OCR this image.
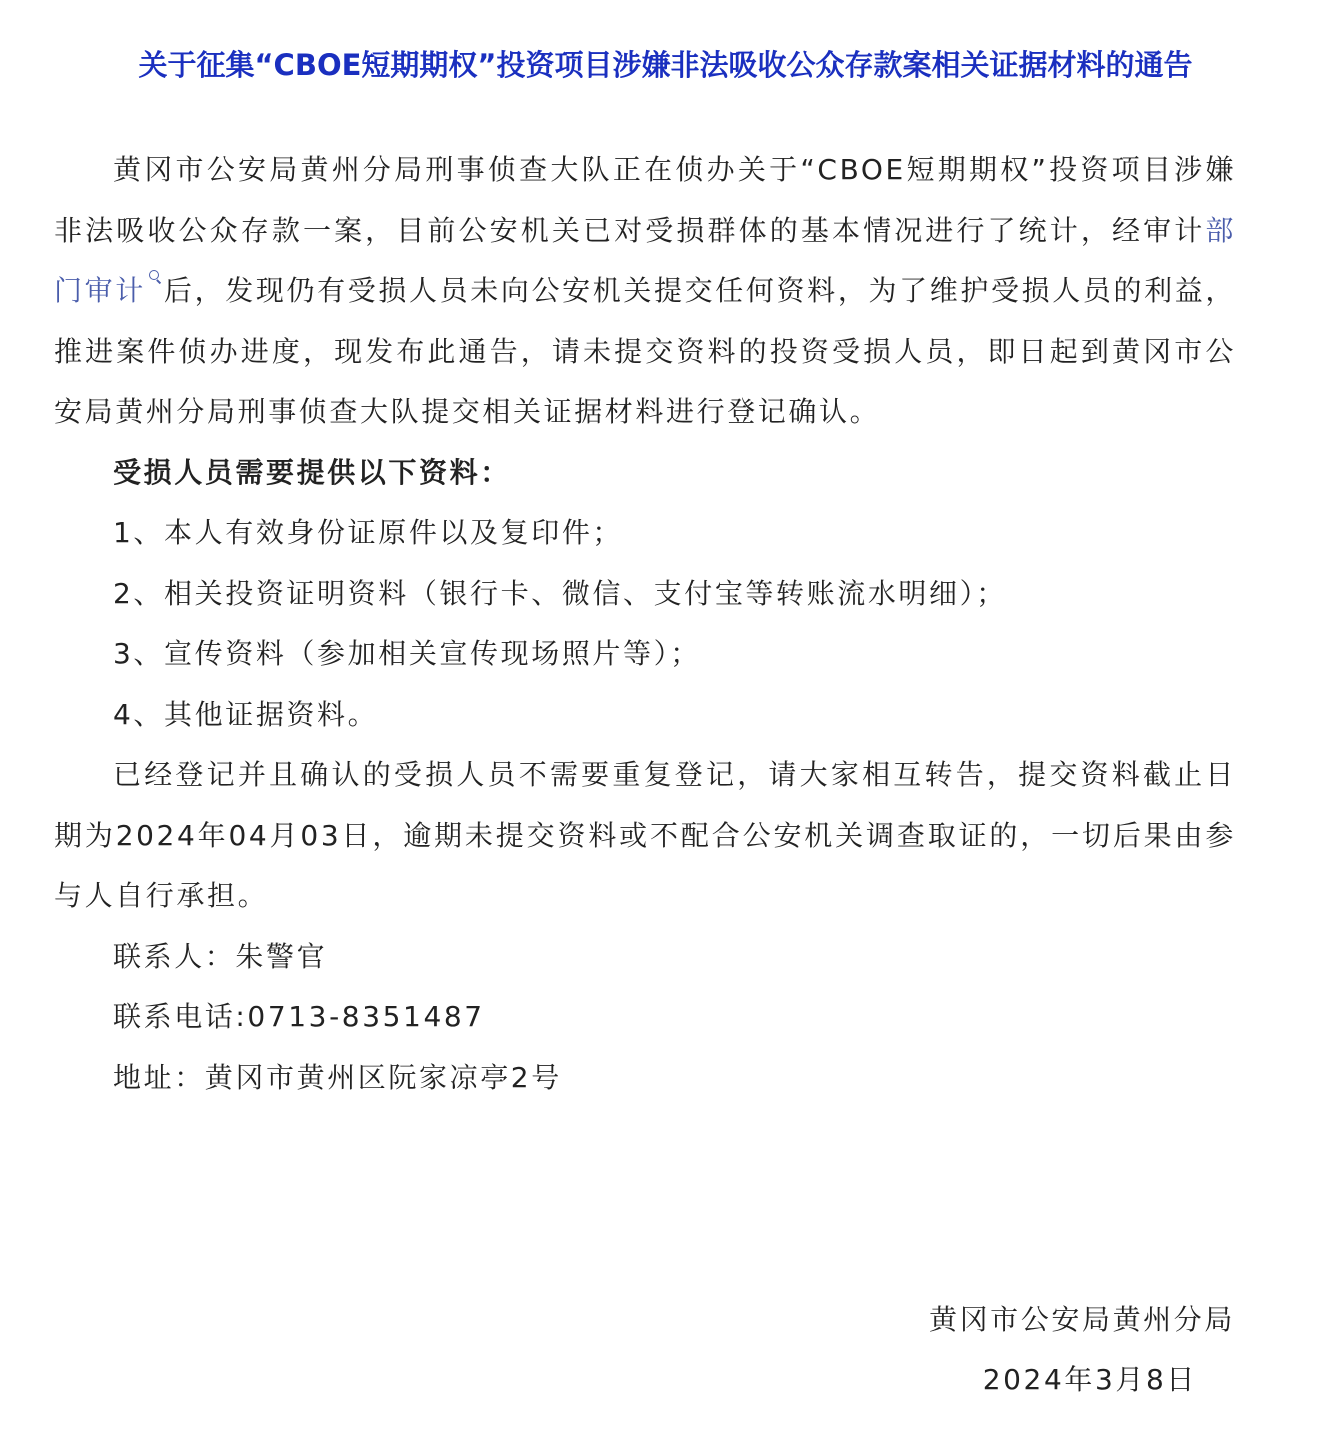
关于征集“CBOE短期期权”投资项目涉嫌非法吸收公众存款案相关证据材料的通告

黄冈市公安局黄州分局刑事侦查大队正在侦办关于“CBOE短期期权”投资项目涉嫌非法吸收公众存款一案，目前公安机关已对受损群体的基本情况进行了统计，经审计部门审计 后，发现仍有受损人员未向公安机关提交任何资料，为了维护受损人员的利益，推进案件侦办进度，现发布此通告，请未提交资料的投资受损人员，即日起到黄冈市公安局黄州分局刑事侦查大队提交相关证据材料进行登记确认。

受损人员需要提供以下资料：

1、本人有效身份证原件以及复印件；

2、相关投资证明资料（银行卡、微信、支付宝等转账流水明细）；

3、宣传资料（参加相关宣传现场照片等）；

4、其他证据资料。

已经登记并且确认的受损人员不需要重复登记，请大家相互转告，提交资料截止日期为2024年04月03日，逾期未提交资料或不配合公安机关调查取证的，一切后果由参与人自行承担。

联系人：朱警官

联系电话:0713-8351487

地址：黄冈市黄州区阮家凉亭2号

黄冈市公安局黄州分局
2024年3月8日
